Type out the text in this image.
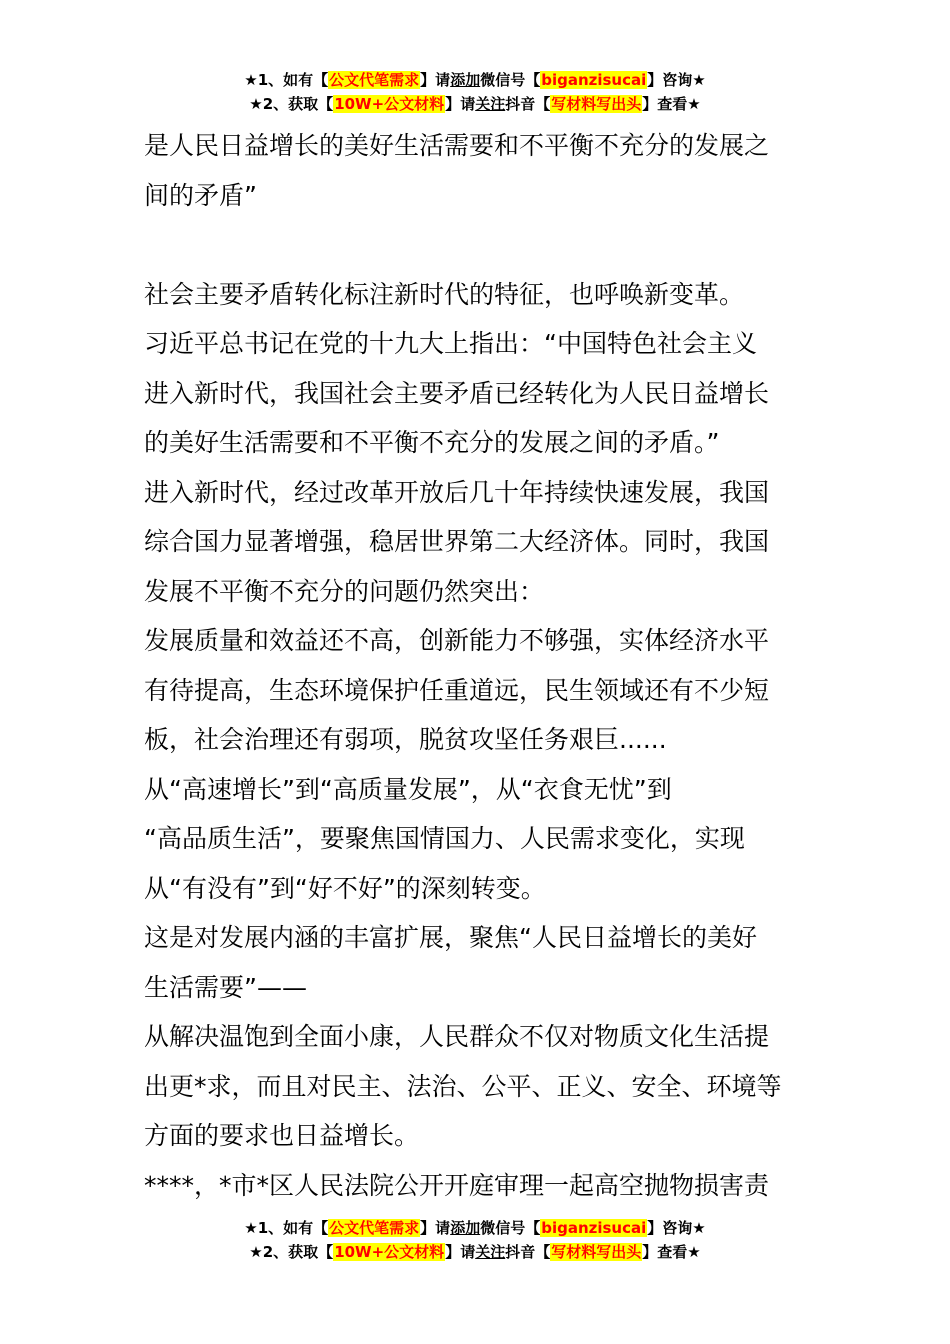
★1、如有【公文代笔需求】请添加微信号【biganzisucai】咨询★
★2、获取【10W+公文材料】请关注抖音【写材料写出头】查看★
是人民日益增长的美好生活需要和不平衡不充分的发展之
间的矛盾”
社会主要矛盾转化标注新时代的特征，也呼唤新变革。
习近平总书记在党的十九大上指出：“中国特色社会主义
进入新时代，我国社会主要矛盾已经转化为人民日益增长
的美好生活需要和不平衡不充分的发展之间的矛盾。”
进入新时代，经过改革开放后几十年持续快速发展，我国
综合国力显著增强，稳居世界第二大经济体。同时，我国
发展不平衡不充分的问题仍然突出：
发展质量和效益还不高，创新能力不够强，实体经济水平
有待提高，生态环境保护任重道远，民生领域还有不少短
板，社会治理还有弱项，脱贫攻坚任务艰巨......
从“高速增长”到“高质量发展”，从“衣食无忧”到
“高品质生活”，要聚焦国情国力、人民需求变化，实现
从“有没有”到“好不好”的深刻转变。
这是对发展内涵的丰富扩展，聚焦“人民日益增长的美好
生活需要”——
从解决温饱到全面小康，人民群众不仅对物质文化生活提
出更*求，而且对民主、法治、公平、正义、安全、环境等
方面的要求也日益增长。
****，*市*区人民法院公开开庭审理一起高空抛物损害责
★1、如有【公文代笔需求】请添加微信号【biganzisucai】咨询★
★2、获取【10W+公文材料】请关注抖音【写材料写出头】查看★
